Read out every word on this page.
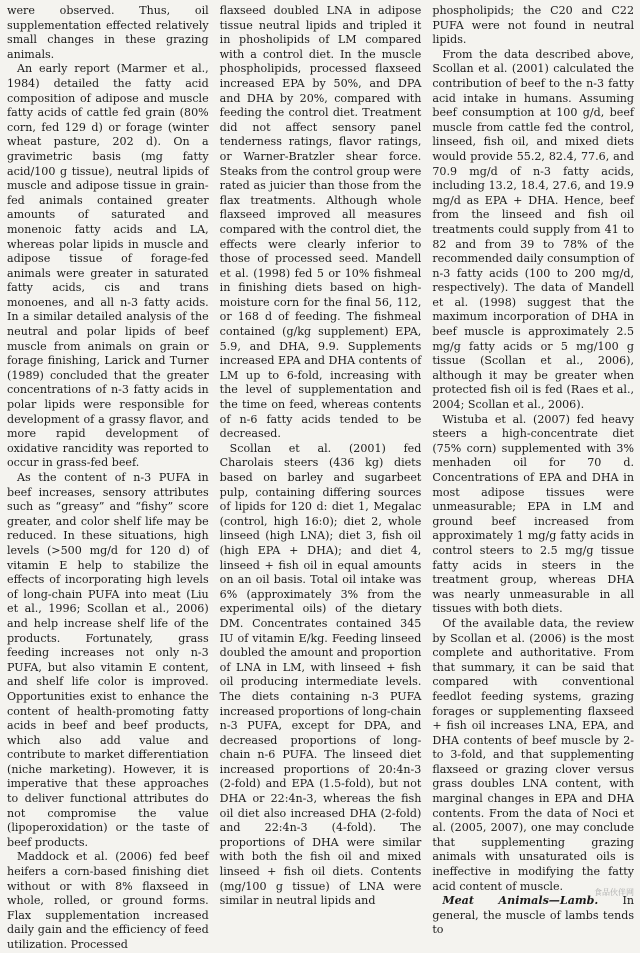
were observed. Thus, oil supplementation effected relatively small changes in these grazing animals.

An early report (Marmer et al., 1984) detailed the fatty acid composition of adipose and muscle fatty acids of cattle fed grain (80% corn, fed 129 d) or forage (winter wheat pasture, 202 d). On a gravimetric basis (mg fatty acid/100 g tissue), neutral lipids of muscle and adipose tissue in grain-fed animals contained greater amounts of saturated and monenoic fatty acids and LA, whereas polar lipids in muscle and adipose tissue of forage-fed animals were greater in saturated fatty acids, cis and trans monoenes, and all n-3 fatty acids. In a similar detailed analysis of the neutral and polar lipids of beef muscle from animals on grain or forage finishing, Larick and Turner (1989) concluded that the greater concentrations of n-3 fatty acids in polar lipids were responsible for development of a grassy flavor, and more rapid development of oxidative rancidity was reported to occur in grass-fed beef.

As the content of n-3 PUFA in beef increases, sensory attributes such as “greasy” and “fishy” score greater, and color shelf life may be reduced. In these situations, high levels (>500 mg/d for 120 d) of vitamin E help to stabilize the effects of incorporating high levels of long-chain PUFA into meat (Liu et al., 1996; Scollan et al., 2006) and help increase shelf life of the products. Fortunately, grass feeding increases not only n-3 PUFA, but also vitamin E content, and shelf life color is improved. Opportunities exist to enhance the content of health-promoting fatty acids in beef and beef products, which also add value and contribute to market differentiation (niche marketing). However, it is imperative that these approaches to deliver functional attributes do not compromise the value (lipoperoxidation) or the taste of beef products.

Maddock et al. (2006) fed beef heifers a corn-based finishing diet without or with 8% flaxseed in whole, rolled, or ground forms. Flax supplementation increased daily gain and the efficiency of feed utilization. Processed

flaxseed doubled LNA in adipose tissue neutral lipids and tripled it in phosholipids of LM compared with a control diet. In the muscle phospholipids, processed flaxseed increased EPA by 50%, and DPA and DHA by 20%, compared with feeding the control diet. Treatment did not affect sensory panel tenderness ratings, flavor ratings, or Warner-Bratzler shear force. Steaks from the control group were rated as juicier than those from the flax treatments. Although whole flaxseed improved all measures compared with the control diet, the effects were clearly inferior to those of processed seed. Mandell et al. (1998) fed 5 or 10% fishmeal in finishing diets based on high-moisture corn for the final 56, 112, or 168 d of feeding. The fishmeal contained (g/kg supplement) EPA, 5.9, and DHA, 9.9. Supplements increased EPA and DHA contents of LM up to 6-fold, increasing with the level of supplementation and the time on feed, whereas contents of n-6 fatty acids tended to be decreased.

Scollan et al. (2001) fed Charolais steers (436 kg) diets based on barley and sugarbeet pulp, containing differing sources of lipids for 120 d: diet 1, Megalac (control, high 16:0); diet 2, whole linseed (high LNA); diet 3, fish oil (high EPA + DHA); and diet 4, linseed + fish oil in equal amounts on an oil basis. Total oil intake was 6% (approximately 3% from the experimental oils) of the dietary DM. Concentrates contained 345 IU of vitamin E/kg. Feeding linseed doubled the amount and proportion of LNA in LM, with linseed + fish oil producing intermediate levels. The diets containing n-3 PUFA increased proportions of long-chain n-3 PUFA, except for DPA, and decreased proportions of long-chain n-6 PUFA. The linseed diet increased proportions of 20:4n-3 (2-fold) and EPA (1.5-fold), but not DHA or 22:4n-3, whereas the fish oil diet also increased DHA (2-fold) and 22:4n-3 (4-fold). The proportions of DHA were similar with both the fish oil and mixed linseed + fish oil diets. Contents (mg/100 g tissue) of LNA were similar in neutral lipids and

phospholipids; the C20 and C22 PUFA were not found in neutral lipids.

From the data described above, Scollan et al. (2001) calculated the contribution of beef to the n-3 fatty acid intake in humans. Assuming beef consumption at 100 g/d, beef muscle from cattle fed the control, linseed, fish oil, and mixed diets would provide 55.2, 82.4, 77.6, and 70.9 mg/d of n-3 fatty acids, including 13.2, 18.4, 27.6, and 19.9 mg/d as EPA + DHA. Hence, beef from the linseed and fish oil treatments could supply from 41 to 82 and from 39 to 78% of the recommended daily consumption of n-3 fatty acids (100 to 200 mg/d, respectively). The data of Mandell et al. (1998) suggest that the maximum incorporation of DHA in beef muscle is approximately 2.5 mg/g fatty acids or 5 mg/100 g tissue (Scollan et al., 2006), although it may be greater when protected fish oil is fed (Raes et al., 2004; Scollan et al., 2006).

Wistuba et al. (2007) fed heavy steers a high-concentrate diet (75% corn) supplemented with 3% menhaden oil for 70 d. Concentrations of EPA and DHA in most adipose tissues were unmeasurable; EPA in LM and ground beef increased from approximately 1 mg/g fatty acids in control steers to 2.5 mg/g tissue fatty acids in steers in the treatment group, whereas DHA was nearly unmeasurable in all tissues with both diets.

Of the available data, the review by Scollan et al. (2006) is the most complete and authoritative. From that summary, it can be said that compared with conventional feedlot feeding systems, grazing forages or supplementing flaxseed + fish oil increases LNA, EPA, and DHA contents of beef muscle by 2- to 3-fold, and that supplementing flaxseed or grazing clover versus grass doubles LNA content, with marginal changes in EPA and DHA contents. From the data of Noci et al. (2005, 2007), one may conclude that supplementing grazing animals with unsaturated oils is ineffective in modifying the fatty acid content of muscle.

Meat Animals—Lamb. In general, the muscle of lambs tends to

食品伙伴网
